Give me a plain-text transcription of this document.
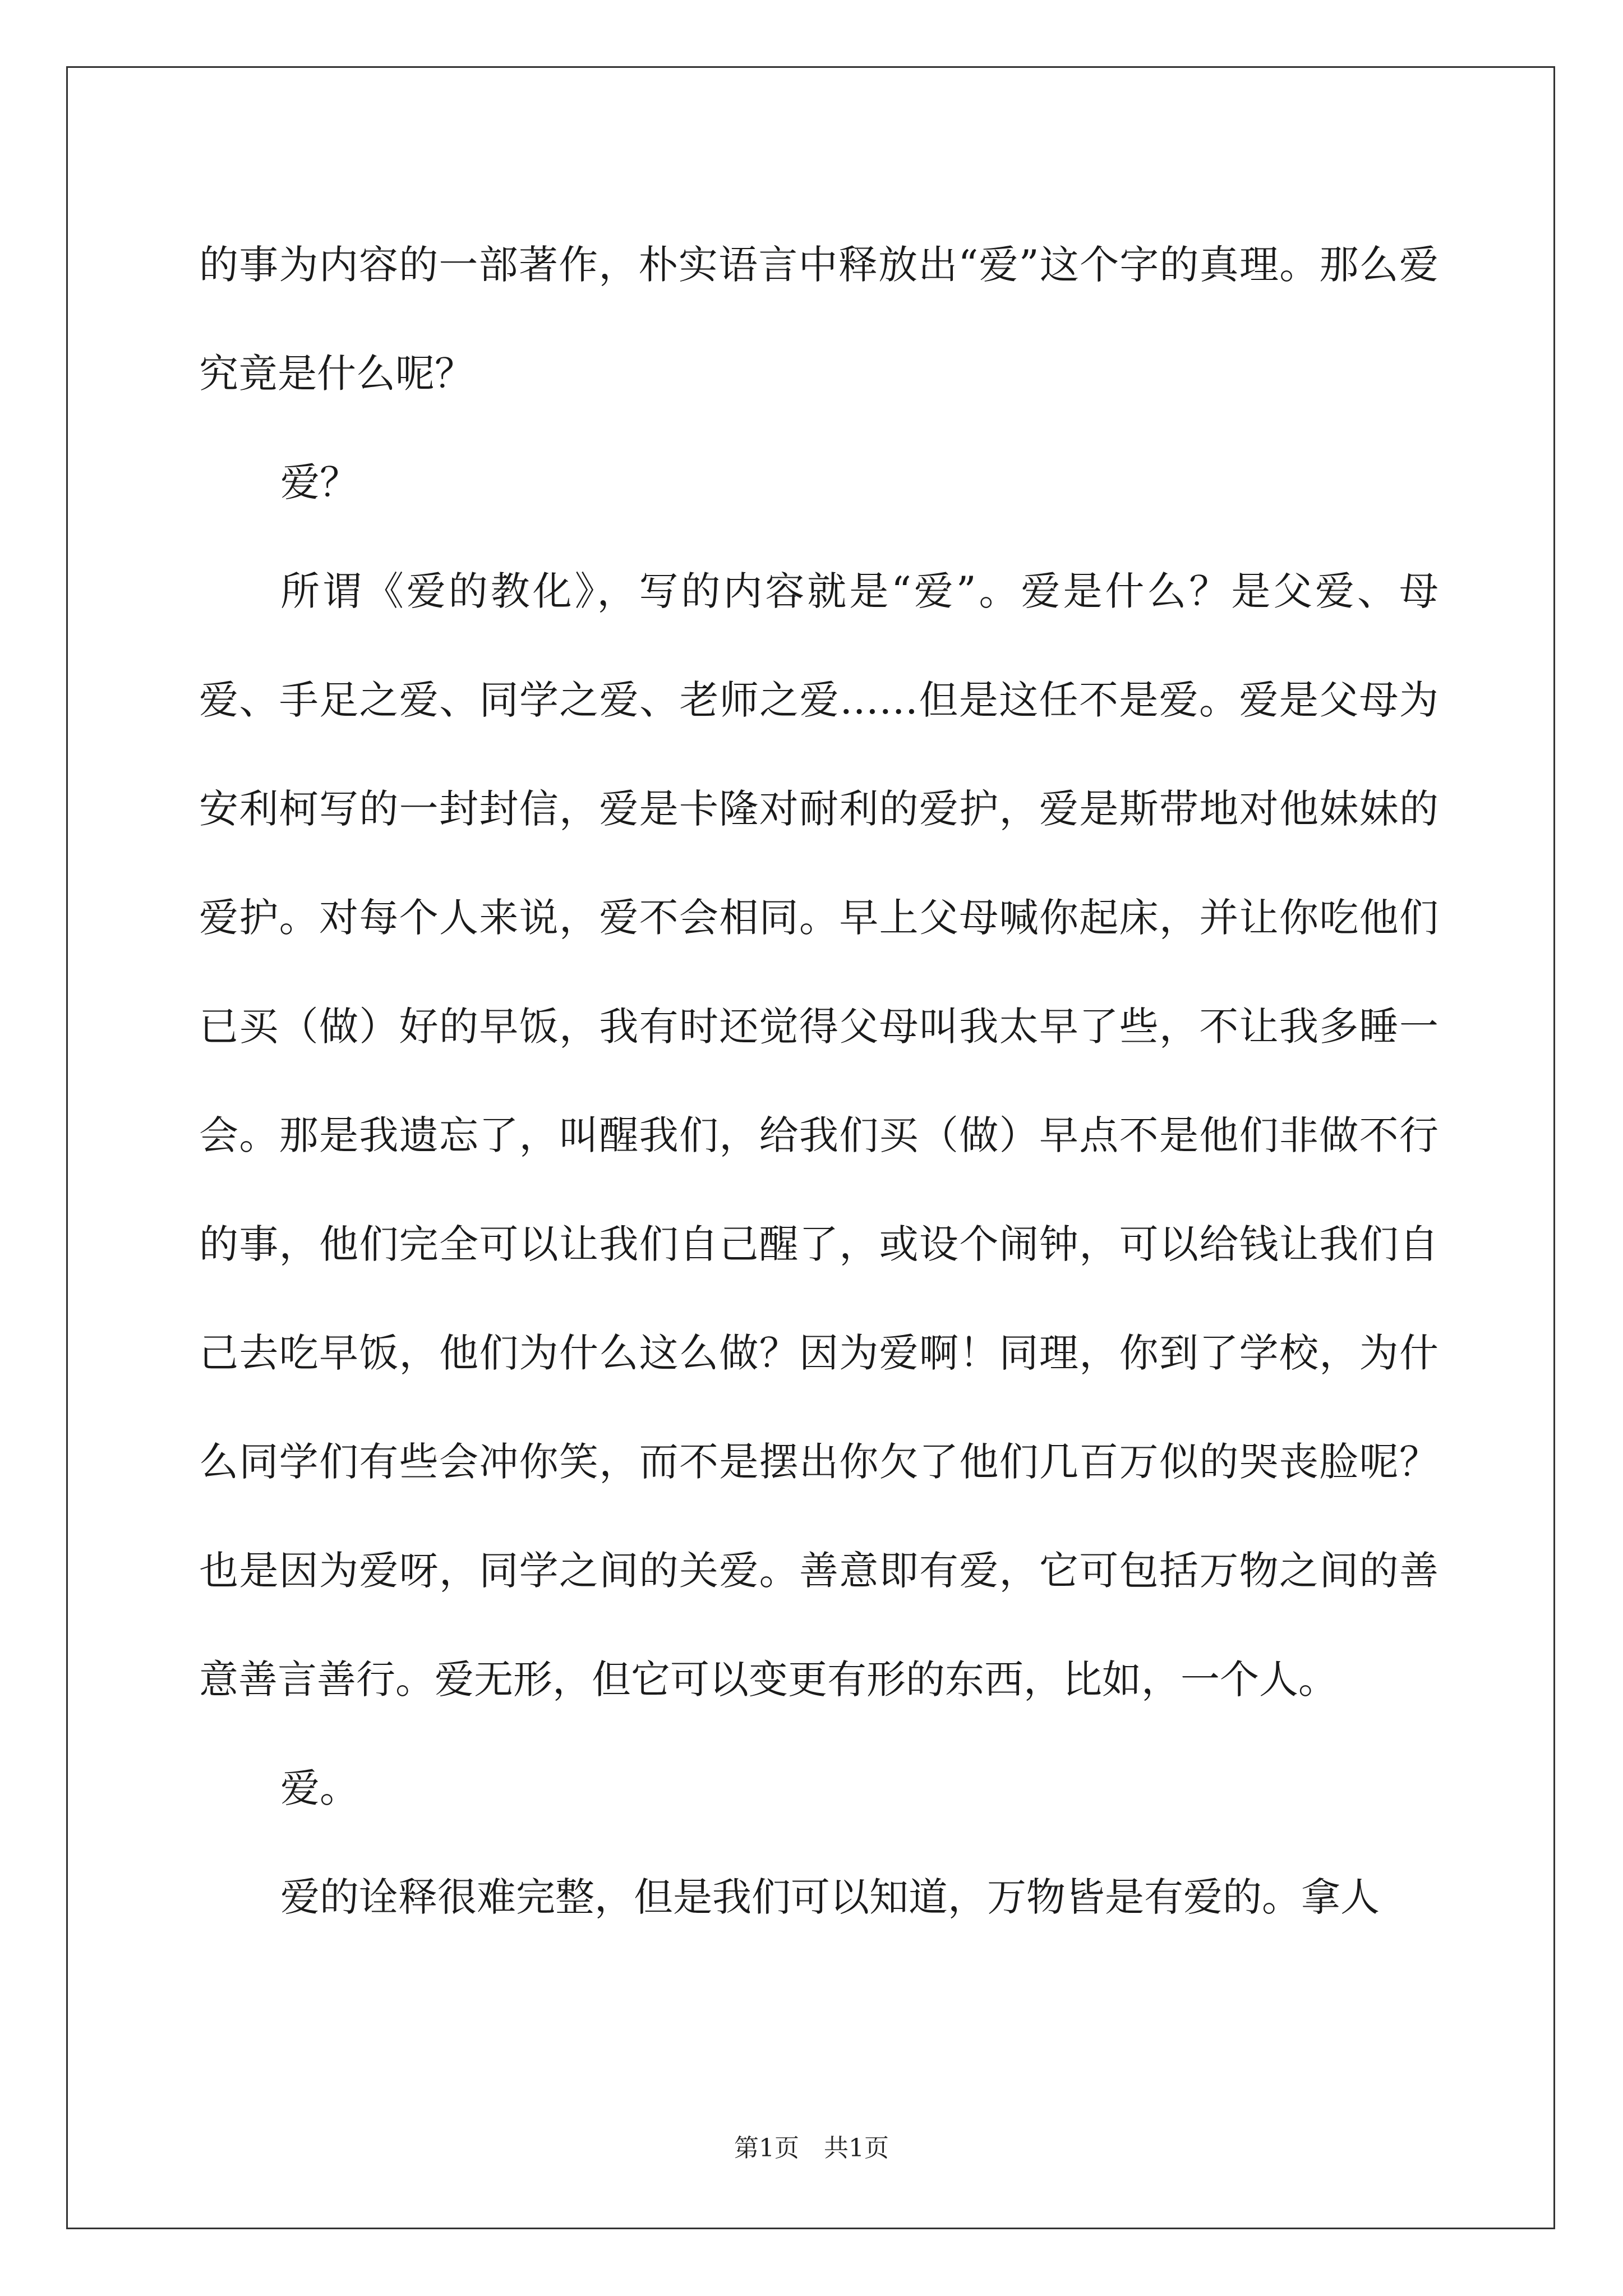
的事为内容的一部著作，朴实语言中释放出“爱”这个字的真理。那么爱究竟是什么呢？

爱？

所谓《爱的教化》，写的内容就是“爱”。爱是什么？是父爱、母爱、手足之爱、同学之爱、老师之爱……但是这任不是爱。爱是父母为安利柯写的一封封信，爱是卡隆对耐利的爱护，爱是斯带地对他妹妹的爱护。对每个人来说，爱不会相同。早上父母喊你起床，并让你吃他们已买（做）好的早饭，我有时还觉得父母叫我太早了些，不让我多睡一会。那是我遗忘了，叫醒我们，给我们买（做）早点不是他们非做不行的事，他们完全可以让我们自己醒了，或设个闹钟，可以给钱让我们自己去吃早饭，他们为什么这么做？因为爱啊！同理，你到了学校，为什么同学们有些会冲你笑，而不是摆出你欠了他们几百万似的哭丧脸呢？也是因为爱呀，同学之间的关爱。善意即有爱，它可包括万物之间的善意善言善行。爱无形，但它可以变更有形的东西，比如，一个人。

爱。

爱的诠释很难完整，但是我们可以知道，万物皆是有爱的。拿人

第1页　共1页
